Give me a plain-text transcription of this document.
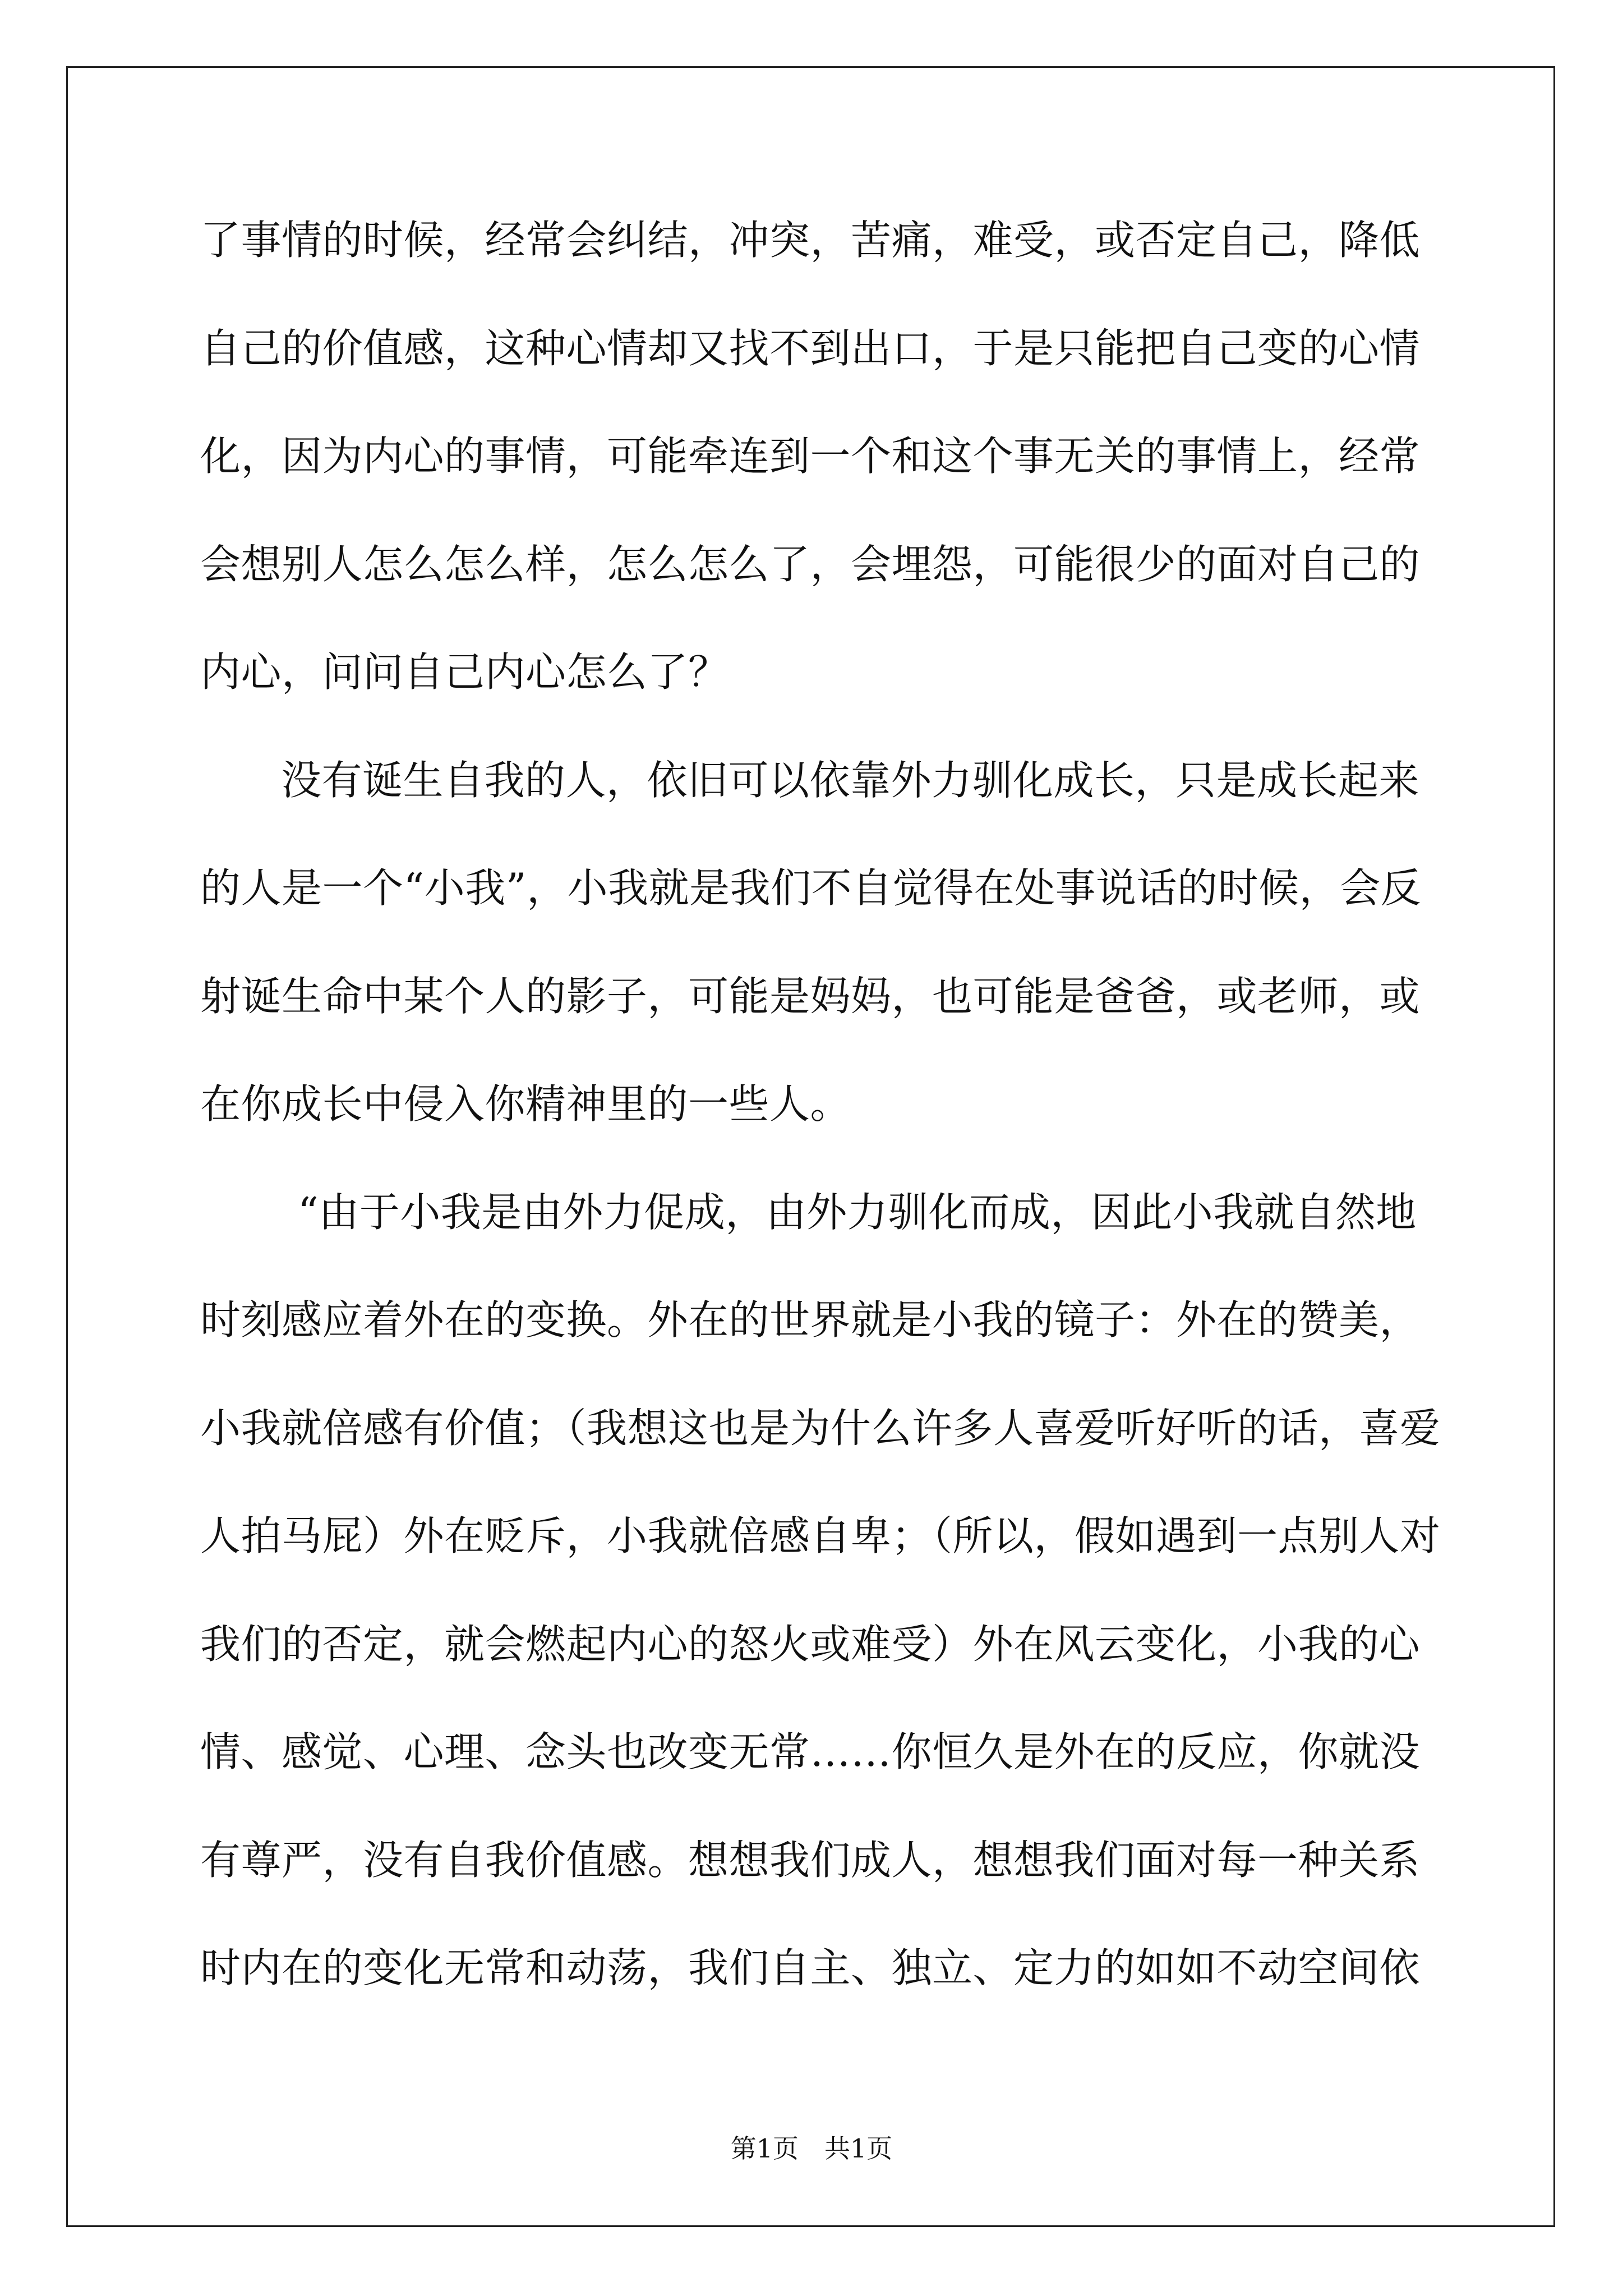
了事情的时候，经常会纠结，冲突，苦痛，难受，或否定自己，降低
自己的价值感，这种心情却又找不到出口，于是只能把自己变的心情
化，因为内心的事情，可能牵连到一个和这个事无关的事情上，经常
会想别人怎么怎么样，怎么怎么了，会埋怨，可能很少的面对自己的
内心，问问自己内心怎么了？
没有诞生自我的人，依旧可以依靠外力驯化成长，只是成长起来
的人是一个“小我”，小我就是我们不自觉得在处事说话的时候，会反
射诞生命中某个人的影子，可能是妈妈，也可能是爸爸，或老师，或
在你成长中侵入你精神里的一些人。
“由于小我是由外力促成，由外力驯化而成，因此小我就自然地
时刻感应着外在的变换。外在的世界就是小我的镜子：外在的赞美，
小我就倍感有价值；（我想这也是为什么许多人喜爱听好听的话，喜爱
人拍马屁）外在贬斥，小我就倍感自卑；（所以，假如遇到一点别人对
我们的否定，就会燃起内心的怒火或难受）外在风云变化，小我的心
情、感觉、心理、念头也改变无常……你恒久是外在的反应，你就没
有尊严，没有自我价值感。想想我们成人，想想我们面对每一种关系
时内在的变化无常和动荡，我们自主、独立、定力的如如不动空间依
第1页 共1页
